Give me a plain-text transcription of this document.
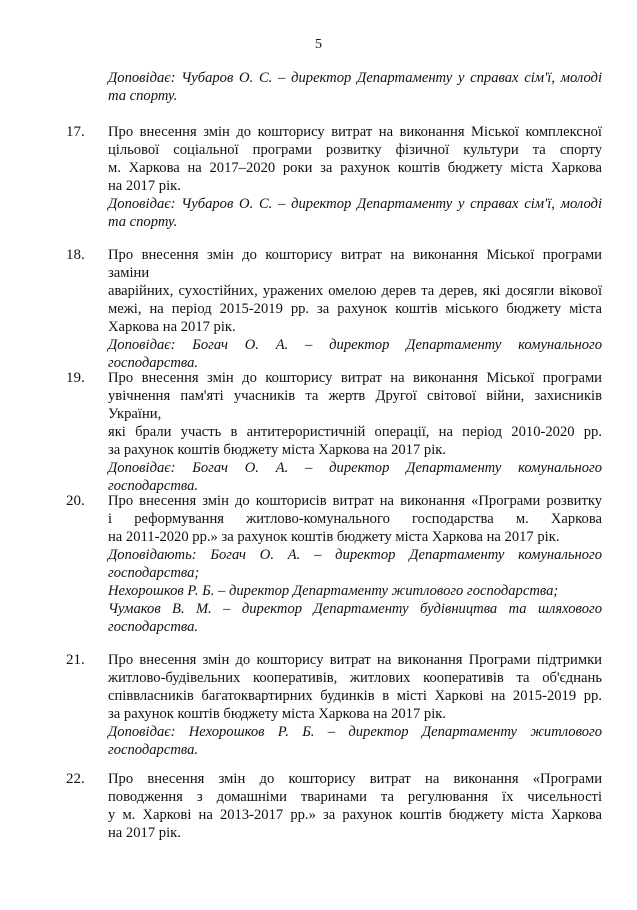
5
Доповідає: Чубаров О. С. – директор Департаменту у справах сім'ї, молоді
та спорту.
17. Про внесення змін до кошторису витрат на виконання Міської комплексної
цільової соціальної програми розвитку фізичної культури та спорту
м. Харкова на 2017–2020 роки за рахунок коштів бюджету міста Харкова
на 2017 рік.
Доповідає: Чубаров О. С. – директор Департаменту у справах сім'ї, молоді
та спорту.
18. Про внесення змін до кошторису витрат на виконання Міської програми заміни
аварійних, сухостійних, уражених омелою дерев та дерев, які досягли вікової
межі, на період 2015-2019 рр. за рахунок коштів міського бюджету міста
Харкова на 2017 рік.
Доповідає: Богач О. А. – директор Департаменту комунального
господарства.
19. Про внесення змін до кошторису витрат на виконання Міської програми
увічнення пам'яті учасників та жертв Другої світової війни, захисників України,
які брали участь в антитерористичній операції, на період 2010-2020 рр.
за рахунок коштів бюджету міста Харкова на 2017 рік.
Доповідає: Богач О. А. – директор Департаменту комунального
господарства.
20. Про внесення змін до кошторисів витрат на виконання «Програми розвитку
і реформування житлово-комунального господарства м. Харкова
на 2011-2020 рр.» за рахунок коштів бюджету міста Харкова на 2017 рік.
Доповідають: Богач О. А. – директор Департаменту комунального
господарства;
Нехорошков Р. Б. – директор Департаменту житлового господарства;
Чумаков В. М. – директор Департаменту будівництва та шляхового
господарства.
21. Про внесення змін до кошторису витрат на виконання Програми підтримки
житлово-будівельних кооперативів, житлових кооперативів та об'єднань
співвласників багатоквартирних будинків в місті Харкові на 2015-2019 рр.
за рахунок коштів бюджету міста Харкова на 2017 рік.
Доповідає: Нехорошков Р. Б. – директор Департаменту житлового
господарства.
22. Про внесення змін до кошторису витрат на виконання «Програми
поводження з домашніми тваринами та регулювання їх чисельності
у м. Харкові на 2013-2017 рр.» за рахунок коштів бюджету міста Харкова
на 2017 рік.
